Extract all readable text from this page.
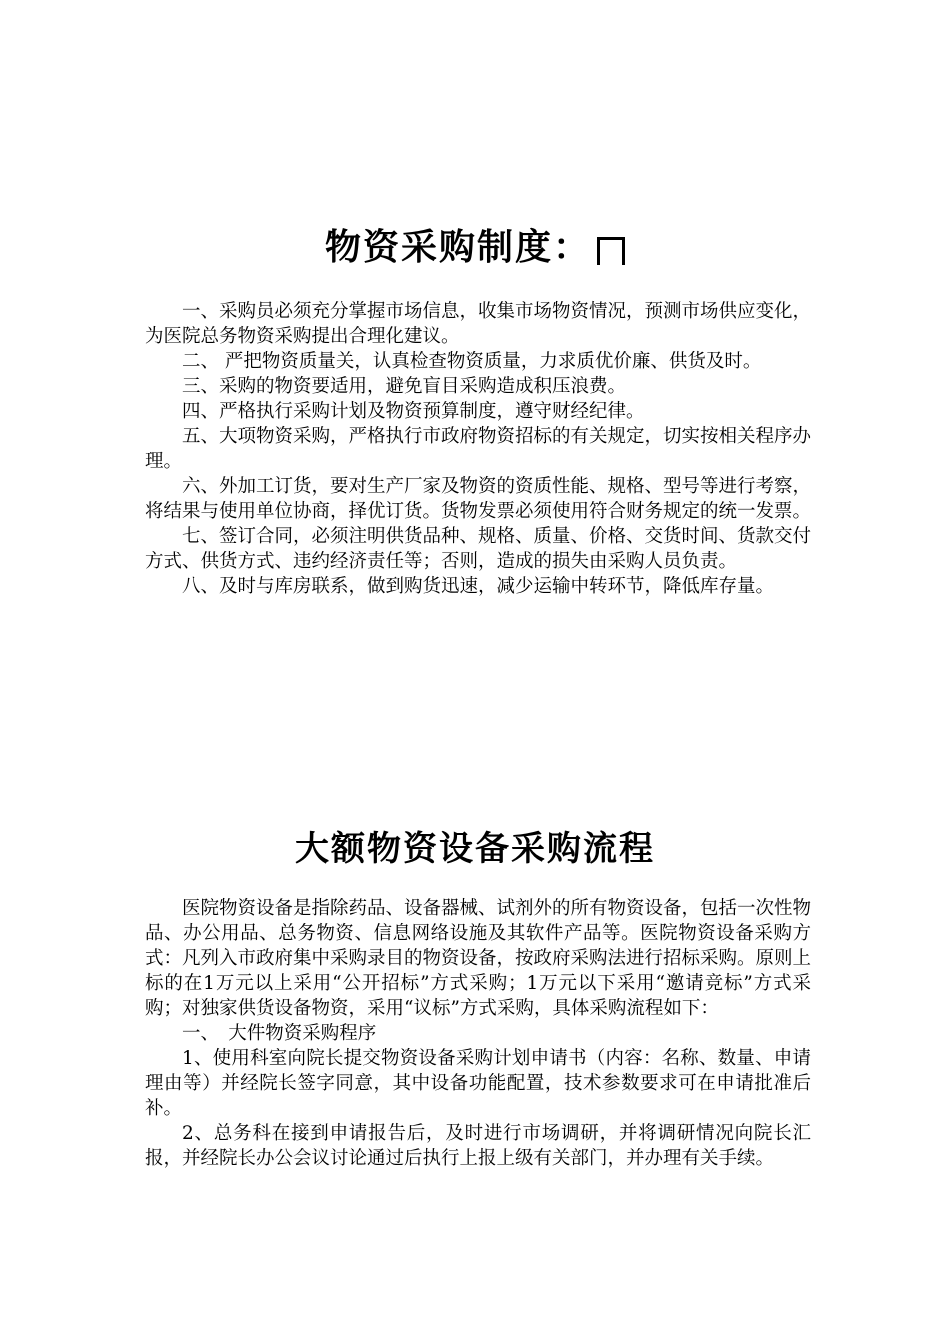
物资采购制度：

一、采购员必须充分掌握市场信息，收集市场物资情况，预测市场供应变化，为医院总务物资采购提出合理化建议。

二、 严把物资质量关，认真检查物资质量，力求质优价廉、供货及时。

三、采购的物资要适用，避免盲目采购造成积压浪费。

四、严格执行采购计划及物资预算制度，遵守财经纪律。

五、大项物资采购，严格执行市政府物资招标的有关规定，切实按相关程序办理。

六、外加工订货，要对生产厂家及物资的资质性能、规格、型号等进行考察，将结果与使用单位协商，择优订货。货物发票必须使用符合财务规定的统一发票。

七、签订合同，必须注明供货品种、规格、质量、价格、交货时间、货款交付方式、供货方式、违约经济责任等；否则，造成的损失由采购人员负责。

八、及时与库房联系，做到购货迅速，减少运输中转环节，降低库存量。

大额物资设备采购流程

医院物资设备是指除药品、设备器械、试剂外的所有物资设备，包括一次性物品、办公用品、总务物资、信息网络设施及其软件产品等。医院物资设备采购方式：凡列入市政府集中采购录目的物资设备，按政府采购法进行招标采购。原则上标的在1万元以上采用“公开招标”方式采购；1万元以下采用“邀请竞标”方式采购；对独家供货设备物资，采用“议标”方式采购，具体采购流程如下：

一、　大件物资采购程序

1、使用科室向院长提交物资设备采购计划申请书（内容：名称、数量、申请理由等）并经院长签字同意，其中设备功能配置，技术参数要求可在申请批准后补。

2、总务科在接到申请报告后，及时进行市场调研，并将调研情况向院长汇报，并经院长办公会议讨论通过后执行上报上级有关部门，并办理有关手续。
